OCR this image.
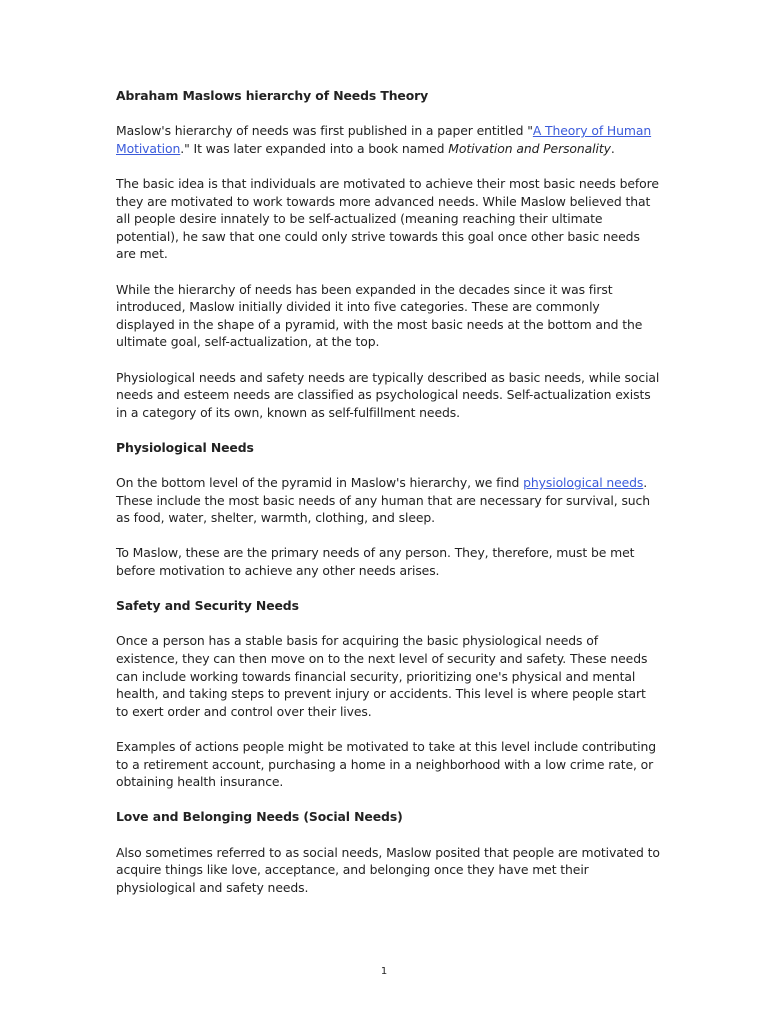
Abraham Maslows hierarchy of Needs Theory

Maslow's hierarchy of needs was first published in a paper entitled "A Theory of Human Motivation." It was later expanded into a book named Motivation and Personality.

The basic idea is that individuals are motivated to achieve their most basic needs before they are motivated to work towards more advanced needs. While Maslow believed that all people desire innately to be self-actualized (meaning reaching their ultimate potential), he saw that one could only strive towards this goal once other basic needs are met.

While the hierarchy of needs has been expanded in the decades since it was first introduced, Maslow initially divided it into five categories. These are commonly displayed in the shape of a pyramid, with the most basic needs at the bottom and the ultimate goal, self-actualization, at the top.

Physiological needs and safety needs are typically described as basic needs, while social needs and esteem needs are classified as psychological needs. Self-actualization exists in a category of its own, known as self-fulfillment needs.

Physiological Needs

On the bottom level of the pyramid in Maslow's hierarchy, we find physiological needs. These include the most basic needs of any human that are necessary for survival, such as food, water, shelter, warmth, clothing, and sleep.

To Maslow, these are the primary needs of any person. They, therefore, must be met before motivation to achieve any other needs arises.

Safety and Security Needs

Once a person has a stable basis for acquiring the basic physiological needs of existence, they can then move on to the next level of security and safety. These needs can include working towards financial security, prioritizing one's physical and mental health, and taking steps to prevent injury or accidents. This level is where people start to exert order and control over their lives.

Examples of actions people might be motivated to take at this level include contributing to a retirement account, purchasing a home in a neighborhood with a low crime rate, or obtaining health insurance.

Love and Belonging Needs (Social Needs)

Also sometimes referred to as social needs, Maslow posited that people are motivated to acquire things like love, acceptance, and belonging once they have met their physiological and safety needs.

1
